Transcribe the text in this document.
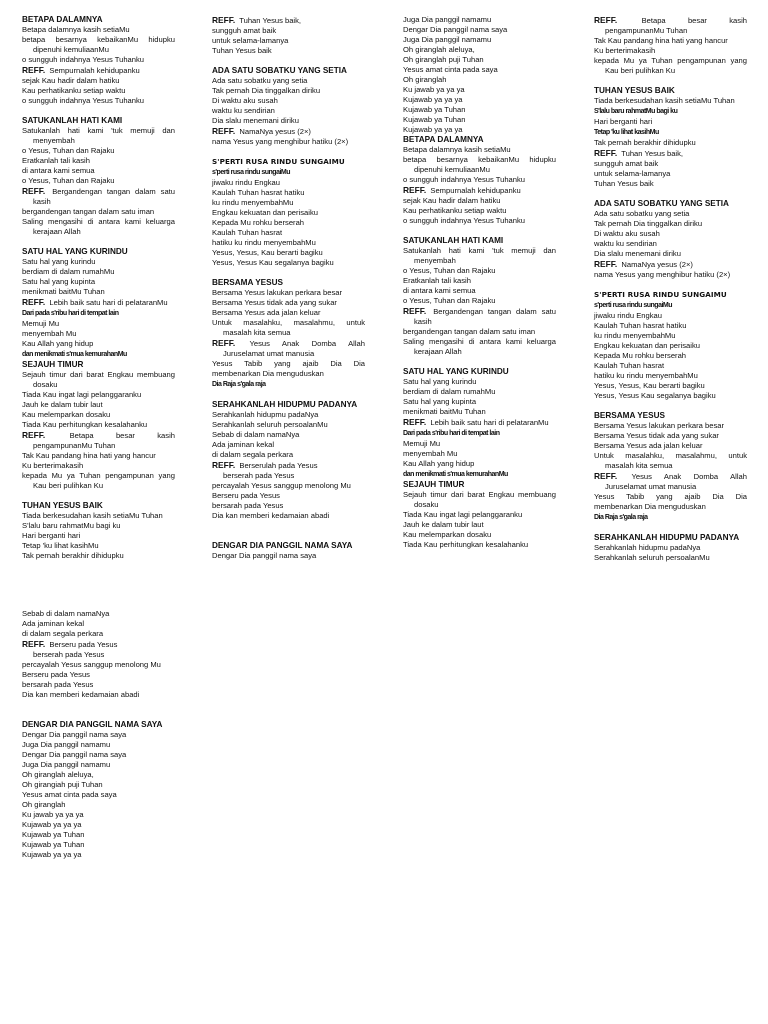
BETAPA DALAMNYA
Betapa dalamnya kasih setiaMu
betapa besarnya kebaikanMu hidupku
dipenuhi kemuliaanMu
o sungguh indahnya Yesus Tuhanku
REFF. Sempurnalah kehidupanku
sejak Kau hadir dalam hatiku
Kau perhatikanku setiap waktu
o sungguh indahnya Yesus Tuhanku
SATUKANLAH HATI KAMI
Satukanlah hati kami 'tuk memuji dan
menyembah
o Yesus, Tuhan dan Rajaku
Eratkanlah tali kasih
di antara kami semua
o Yesus, Tuhan dan Rajaku
REFF. Bergandengan tangan dalam satu
kasih
bergandengan tangan dalam satu iman
Saling mengasihi di antara kami keluarga
kerajaan Allah
SATU HAL YANG KURINDU
Satu hal yang kurindu
berdiam di dalam rumahMu
Satu hal yang kupinta
menikmati baitMu Tuhan
REFF. Lebih baik satu hari di pelataranMu
Dari pada s'ribu hari di tempat lain
Memuji Mu
menyembah Mu
Kau Allah yang hidup
dan menikmati s'mua kemurahanMu
SEJAUH TIMUR
Sejauh timur dari barat Engkau membuang
dosaku
Tiada Kau ingat lagi pelanggaranku
Jauh ke dalam tubir laut
Kau melemparkan dosaku
Tiada Kau perhitungkan kesalahanku
REFF.	Betapa besar kasih
pengampunanMu Tuhan
Tak Kau pandang hina hati yang hancur
Ku berterimakasih
kepada Mu ya Tuhan pengampunan yang
Kau beri pulihkan Ku
TUHAN YESUS BAIK
Tiada berkesudahan kasih setiaMu Tuhan
S'lalu baru rahmatMu bagi ku
Hari berganti hari
Tetap 'ku lihat kasihMu
Tak pernah berakhir dihidupku
REFF. Tuhan Yesus baik,
sungguh amat baik
untuk selama-lamanya
Tuhan Yesus baik
ADA SATU SOBATKU YANG SETIA
Ada satu sobatku yang setia
Tak pernah Dia tinggalkan diriku
Di waktu aku susah
waktu ku sendirian
Dia slalu menemani diriku
REFF. NamaNya yesus (2×)
nama Yesus yang menghibur hatiku (2×)
S'PERTI RUSA RINDU SUNGAIMU
s'perti rusa rindu sungaiMu
jiwaku rindu Engkau
Kaulah Tuhan hasrat hatiku
ku rindu menyembahMu
Engkau kekuatan dan perisaiku
Kepada Mu rohku berserah
Kaulah Tuhan hasrat
hatiku ku rindu menyembahMu
Yesus, Yesus, Kau berarti bagiku
Yesus, Yesus Kau segalanya bagiku
BERSAMA YESUS
Bersama Yesus lakukan perkara besar
Bersama Yesus tidak ada yang sukar
Bersama Yesus ada jalan keluar
Untuk masalahku, masalahmu, untuk
masalah kita semua
REFF. Yesus Anak Domba Allah
Juruselamat umat manusia
Yesus Tabib yang ajaib Dia Dia
membenarkan Dia menguduskan
Dia Raja s'gala raja
SERAHKANLAH HIDUPMU PADANYA
Serahkanlah hidupmu padaNya
Serahkanlah seluruh persoalanMu
Sebab di dalam namaNya
Ada jaminan kekal
di dalam segala perkara
REFF. Berserulah pada Yesus
berserah pada Yesus
percayalah Yesus sanggup menolong Mu
Berseru pada Yesus
bersarah pada Yesus
Dia kan memberi kedamaian abadi
DENGAR DIA PANGGIL NAMA SAYA
Dengar Dia panggil nama saya
Juga Dia panggil namamu
Dengar Dia panggil nama saya
Juga Dia panggil namamu
Oh giranglah aleluya,
Oh giranglah puji Tuhan
Yesus amat cinta pada saya
Oh giranglah
Ku jawab ya ya ya
Kujawab ya ya ya
Kujawab ya Tuhan
Kujawab ya Tuhan
Kujawab ya ya ya
BETAPA DALAMNYA
Betapa dalamnya kasih setiaMu
betapa besarnya kebaikanMu hidupku
dipenuhi kemuliaanMu
o sungguh indahnya Yesus Tuhanku
REFF. Sempurnalah kehidupanku
sejak Kau hadir dalam hatiku
Kau perhatikanku setiap waktu
o sungguh indahnya Yesus Tuhanku
SATUKANLAH HATI KAMI
Satukanlah hati kami 'tuk memuji dan
menyembah
o Yesus, Tuhan dan Rajaku
Eratkanlah tali kasih
di antara kami semua
o Yesus, Tuhan dan Rajaku
REFF. Bergandengan tangan dalam satu
kasih
bergandengan tangan dalam satu iman
Saling mengasihi di antara kami keluarga
kerajaan Allah
SATU HAL YANG KURINDU
Satu hal yang kurindu
berdiam di dalam rumahMu
Satu hal yang kupinta
menikmati baitMu Tuhan
REFF. Lebih baik satu hari di pelataranMu
Dari pada s'ribu hari di tempat lain
Memuji Mu
menyembah Mu
Kau Allah yang hidup
dan menikmati s'mua kemurahanMu
SEJAUH TIMUR
Sejauh timur dari barat Engkau membuang
dosaku
Tiada Kau ingat lagi pelanggaranku
Jauh ke dalam tubir laut
Kau melemparkan dosaku
Tiada Kau perhitungkan kesalahanku
REFF.	Betapa besar kasih
pengampunanMu Tuhan
Tak Kau pandang hina hati yang hancur
Ku berterimakasih
kepada Mu ya Tuhan pengampunan yang
Kau beri pulihkan Ku
TUHAN YESUS BAIK
Tiada berkesudahan kasih setiaMu Tuhan
S'lalu baru rahmatMu bagi ku
Hari berganti hari
Tetap 'ku lihat kasihMu
Tak pernah berakhir dihidupku
REFF. Tuhan Yesus baik,
sungguh amat baik
untuk selama-lamanya
Tuhan Yesus baik
ADA SATU SOBATKU YANG SETIA
Ada satu sobatku yang setia
Tak pernah Dia tinggalkan diriku
Di waktu aku susah
waktu ku sendirian
Dia slalu menemani diriku
REFF. NamaNya yesus (2×)
nama Yesus yang menghibur hatiku (2×)
S'PERTI RUSA RINDU SUNGAIMU
s'perti rusa rindu sungaiMu
jiwaku rindu Engkau
Kaulah Tuhan hasrat hatiku
ku rindu menyembahMu
Engkau kekuatan dan perisaiku
Kepada Mu rohku berserah
Kaulah Tuhan hasrat
hatiku ku rindu menyembahMu
Yesus, Yesus, Kau berarti bagiku
Yesus, Yesus Kau segalanya bagiku
BERSAMA YESUS
Bersama Yesus lakukan perkara besar
Bersama Yesus tidak ada yang sukar
Bersama Yesus ada jalan keluar
Untuk masalahku, masalahmu, untuk
masalah kita semua
REFF. Yesus Anak Domba Allah
Juruselamat umat manusia
Yesus Tabib yang ajaib Dia Dia
membenarkan Dia menguduskan
Dia Raja s'gala raja
SERAHKANLAH HIDUPMU PADANYA
Serahkanlah hidupmu padaNya
Serahkanlah seluruh persoalanMu
Sebab di dalam namaNya
Ada jaminan kekal
di dalam segala perkara
REFF. Berseru pada Yesus
berserah pada Yesus
percayalah Yesus sanggup menolong Mu
Berseru pada Yesus
bersarah pada Yesus
Dia kan memberi kedamaian abadi
DENGAR DIA PANGGIL NAMA SAYA
Dengar Dia panggil nama saya
Juga Dia panggil namamu
Dengar Dia panggil nama saya
Juga Dia panggil namamu
Oh giranglah aleluya,
Oh girangiah puji Tuhan
Yesus amat cinta pada saya
Oh giranglah
Ku jawab ya ya ya
Kujawab ya ya ya
Kujawab ya Tuhan
Kujawab ya Tuhan
Kujawab ya ya ya
